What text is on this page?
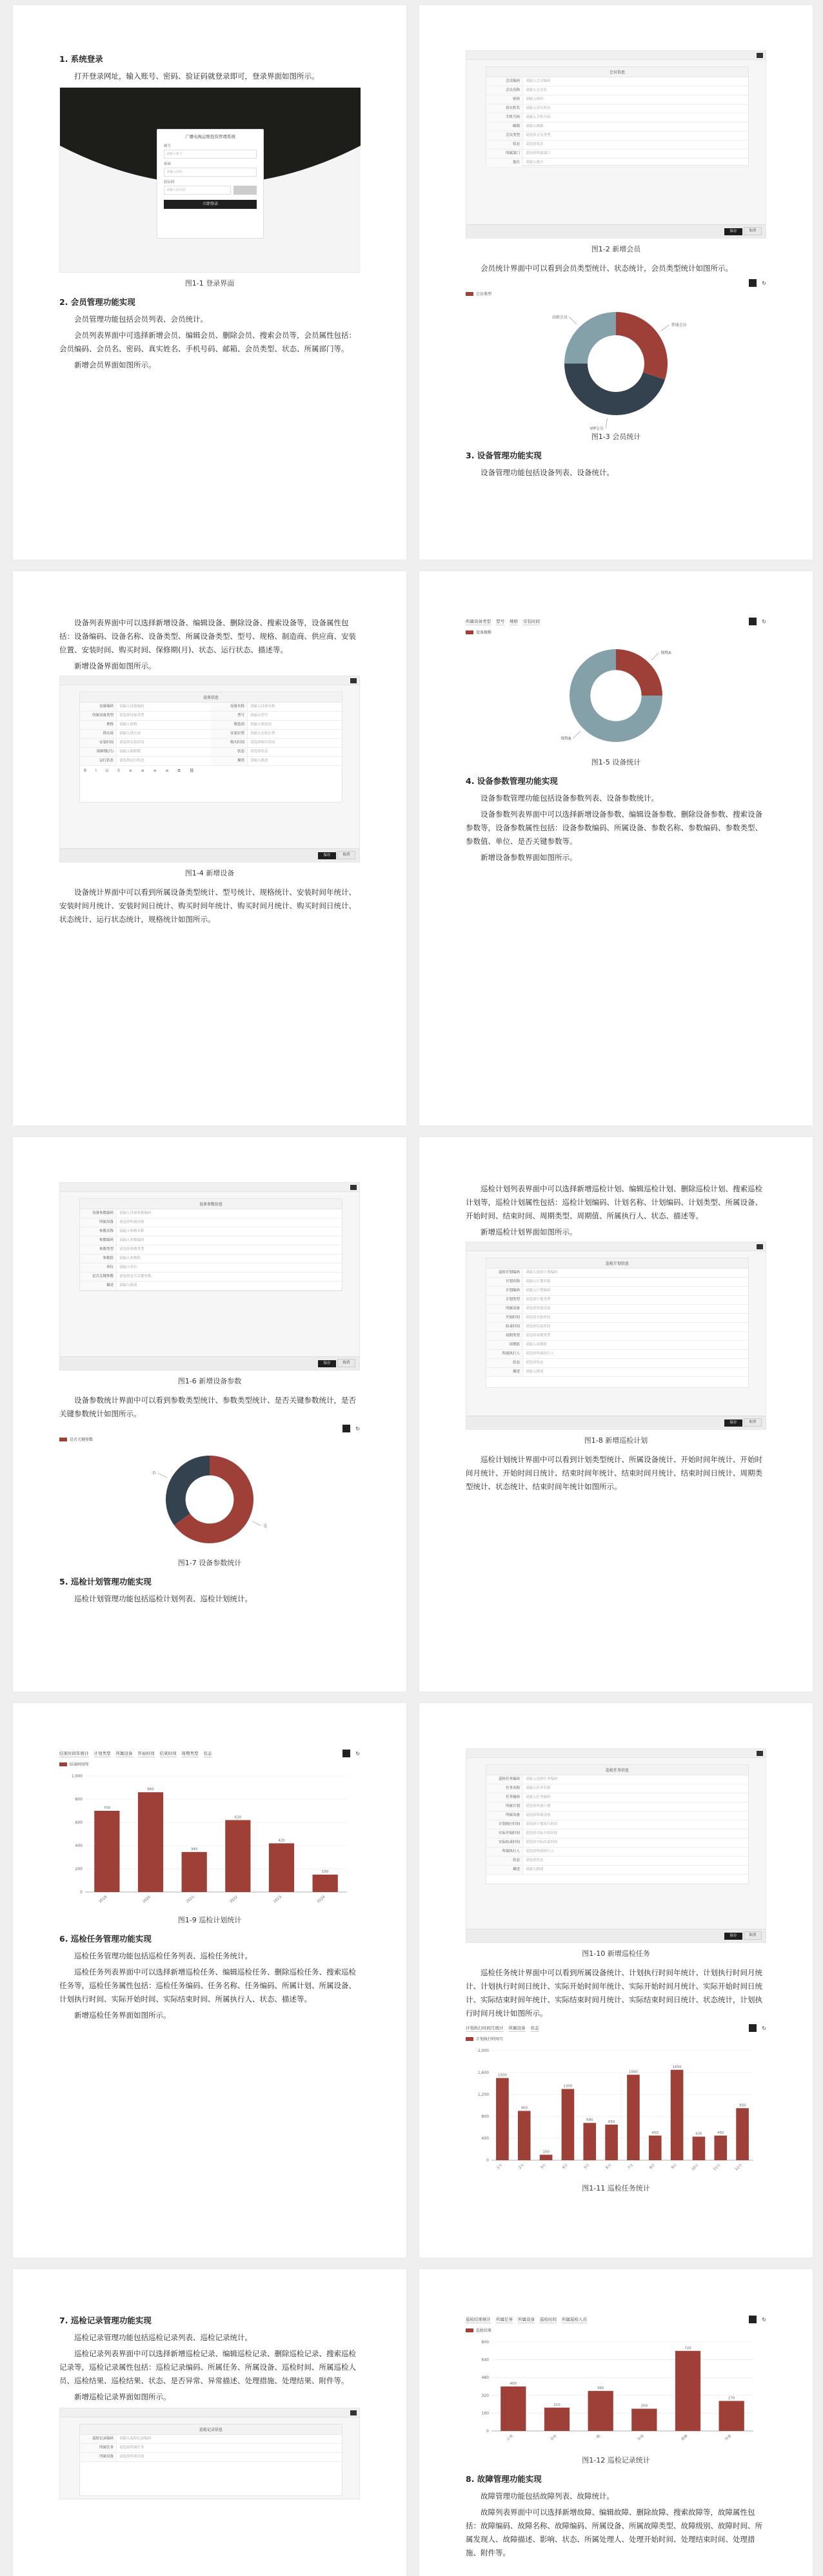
1. 系统登录
打开登录网址，输入账号、密码、验证码就登录即可，登录界面如图所示。
广播电视运维投资管理系统
账号
请输入账号
密码
请输入密码
验证码
请输入验证码
立即登录
图1-1 登录界面
2. 会员管理功能实现
会员管理功能包括会员列表、会员统计。
会员列表界面中可选择新增会员、编辑会员、删除会员、搜索会员等，会员属性包括：会员编码、会员名、密码、真实姓名、手机号码、邮箱、会员类型、状态、所属部门等。
新增会员界面如图所示。
会员信息
会员编码	请输入会员编码
会员名称	请输入会员名
密码	请输入密码
真实姓名	请输入真实姓名
手机号码	请输入手机号码
邮箱	请输入邮箱
会员类型	请选择会员类型
状态	请选择状态
所属部门	请选择所属部门
备注	请输入备注
保存	取消
图1-2 新增会员
会员统计界面中可以看到会员类型统计、状态统计，会员类型统计如图所示。
↻
会员类型
普通会员
VIP会员
高级会员
图1-3 会员统计
3. 设备管理功能实现
设备管理功能包括设备列表、设备统计。
设备列表界面中可以选择新增设备、编辑设备、删除设备、搜索设备等，设备属性包括：设备编码、设备名称、设备类型、所属设备类型、型号、规格、制造商、供应商、安装位置、安装时间、购买时间、保修期(月)、状态、运行状态、描述等。
新增设备界面如图所示。
设备信息
设备编码	请输入设备编码	设备名称	请输入设备名称
所属设备类型	请选择设备类型	型号	请输入型号
规格	请输入规格	制造商	请输入制造商
供应商	请输入供应商	安装位置	请输入安装位置
安装时间	请选择安装时间	购买时间	请选择购买时间
保修期(月)	请输入保修期	状态	请选择状态
运行状态	请选择运行状态	描述	请输入描述
B I U S ≡ ≡ ≡ ≡ ⧉ ⛓
保存	取消
图1-4 新增设备
设备统计界面中可以看到所属设备类型统计、型号统计、规格统计、安装时间年统计、安装时间月统计、安装时间日统计、购买时间年统计、购买时间月统计、购买时间日统计、状态统计、运行状态统计，规格统计如图所示。
所属设备类型 型号 规格 安装时间	↻
设备规格
规格A
规格B
图1-5 设备统计
4. 设备参数管理功能实现
设备参数管理功能包括设备参数列表、设备参数统计。
设备参数列表界面中可以选择新增设备参数、编辑设备参数、删除设备参数、搜索设备参数等，设备参数属性包括：设备参数编码、所属设备、参数名称、参数编码、参数类型、参数值、单位、是否关键参数等。
新增设备参数界面如图所示。
设备参数信息
设备参数编码	请输入设备参数编码
所属设备	请选择所属设备
参数名称	请输入参数名称
参数编码	请输入参数编码
参数类型	请选择参数类型
参数值	请输入参数值
单位	请输入单位
是否关键参数	请选择是否关键参数
描述	请输入描述
保存	取消
图1-6 新增设备参数
设备参数统计界面中可以看到参数类型统计、参数类型统计、是否关键参数统计，是否关键参数统计如图所示。
↻
是否关键参数
是
否
图1-7 设备参数统计
5. 巡检计划管理功能实现
巡检计划管理功能包括巡检计划列表、巡检计划统计。
巡检计划列表界面中可以选择新增巡检计划、编辑巡检计划、删除巡检计划、搜索巡检计划等，巡检计划属性包括：巡检计划编码、计划名称、计划编码、计划类型、所属设备、开始时间、结束时间、周期类型、周期值、所属执行人、状态、描述等。
新增巡检计划界面如图所示。
巡检计划信息
巡检计划编码	请输入巡检计划编码
计划名称	请输入计划名称
计划编码	请输入计划编码
计划类型	请选择计划类型
所属设备	请选择所属设备
开始时间	请选择开始时间
结束时间	请选择结束时间
周期类型	请选择周期类型
周期值	请输入周期值
所属执行人	请选择所属执行人
状态	请选择状态
描述	请输入描述
保存	取消
图1-8 新增巡检计划
巡检计划统计界面中可以看到计划类型统计、所属设备统计、开始时间年统计、开始时间月统计、开始时间日统计、结束时间年统计、结束时间月统计、结束时间日统计、周期类型统计、状态统计、结束时间年统计如图所示。
结束时间年统计 计划类型 所属设备 开始时间 结束时间 周期类型 状态	↻
结束时间年
0
200
400
600
800
1,000
700
2019
860
2020
345
2021
620
2022
420
2023
150
2024
图1-9 巡检计划统计
6. 巡检任务管理功能实现
巡检任务管理功能包括巡检任务列表、巡检任务统计。
巡检任务列表界面中可以选择新增巡检任务、编辑巡检任务、删除巡检任务、搜索巡检任务等，巡检任务属性包括：巡检任务编码、任务名称、任务编码、所属计划、所属设备、计划执行时间、实际开始时间、实际结束时间、所属执行人、状态、描述等。
新增巡检任务界面如图所示。
巡检任务信息
巡检任务编码	请输入巡检任务编码
任务名称	请输入任务名称
任务编码	请输入任务编码
所属计划	请选择所属计划
所属设备	请选择所属设备
计划执行时间	请选择计划执行时间
实际开始时间	请选择实际开始时间
实际结束时间	请选择实际结束时间
所属执行人	请选择所属执行人
状态	请选择状态
描述	请输入描述
保存	取消
图1-10 新增巡检任务
巡检任务统计界面中可以看到所属设备统计、计划执行时间年统计、计划执行时间月统计、计划执行时间日统计、实际开始时间年统计、实际开始时间月统计、实际开始时间日统计、实际结束时间年统计、实际结束时间月统计、实际结束时间日统计、状态统计，计划执行时间月统计如图所示。
计划执行时间月统计 所属设备 状态	↻
计划执行时间月
0
400
800
1,200
1,600
2,000
1500
1月
900
2月
100
3月
1300
4月
680
5月
650
6月
1560
7月
450
8月
1650
9月
430
10月
450
11月
950
12月
图1-11 巡检任务统计
7. 巡检记录管理功能实现
巡检记录管理功能包括巡检记录列表、巡检记录统计。
巡检记录列表界面中可以选择新增巡检记录、编辑巡检记录、删除巡检记录、搜索巡检记录等，巡检记录属性包括：巡检记录编码、所属任务、所属设备、巡检时间、所属巡检人员、巡检结果、巡检结果、状态、是否异常、异常描述、处理措施、处理结果、附件等。
新增巡检记录界面如图所示。
巡检记录信息
巡检记录编码	请输入巡检记录编码
所属任务	请选择所属任务
所属设备	请选择所属设备
巡检结果统计 所属任务 所属设备 巡检时间 所属巡检人员	↻
巡检结果
0
160
320
480
640
800
400
正常
210
良好
360
一般
200
异常
720
故障
270
待查
图1-12 巡检记录统计
8. 故障管理功能实现
故障管理功能包括故障列表、故障统计。
故障列表界面中可以选择新增故障、编辑故障、删除故障、搜索故障等，故障属性包括：故障编码、故障名称、故障编码、所属设备、所属故障类型、故障级别、故障时间、所属发现人、故障描述、影响、状态、所属处理人、处理开始时间、处理结束时间、处理措施、附件等。
